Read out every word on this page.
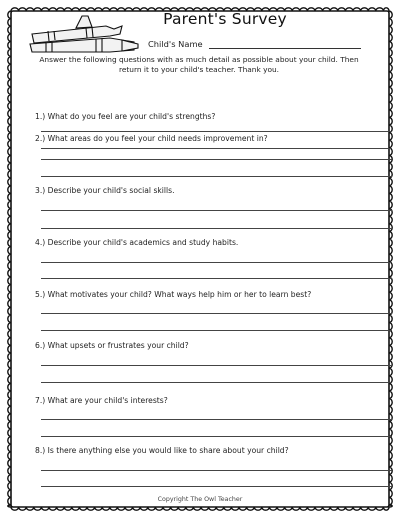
Parent's Survey
Child's Name
Answer the following questions with as much detail as possible about your child. Then return it to your child's teacher. Thank you.
1.) What do you feel are your child's strengths?
2.) What areas do you feel your child needs improvement in?
3.) Describe your child's social skills.
4.) Describe your child's academics and study habits.
5.) What motivates your child? What ways help him or her to learn best?
6.) What upsets or frustrates your child?
7.) What are your child's interests?
8.) Is there anything else you would like to share about your child?
Copyright The Owl Teacher
